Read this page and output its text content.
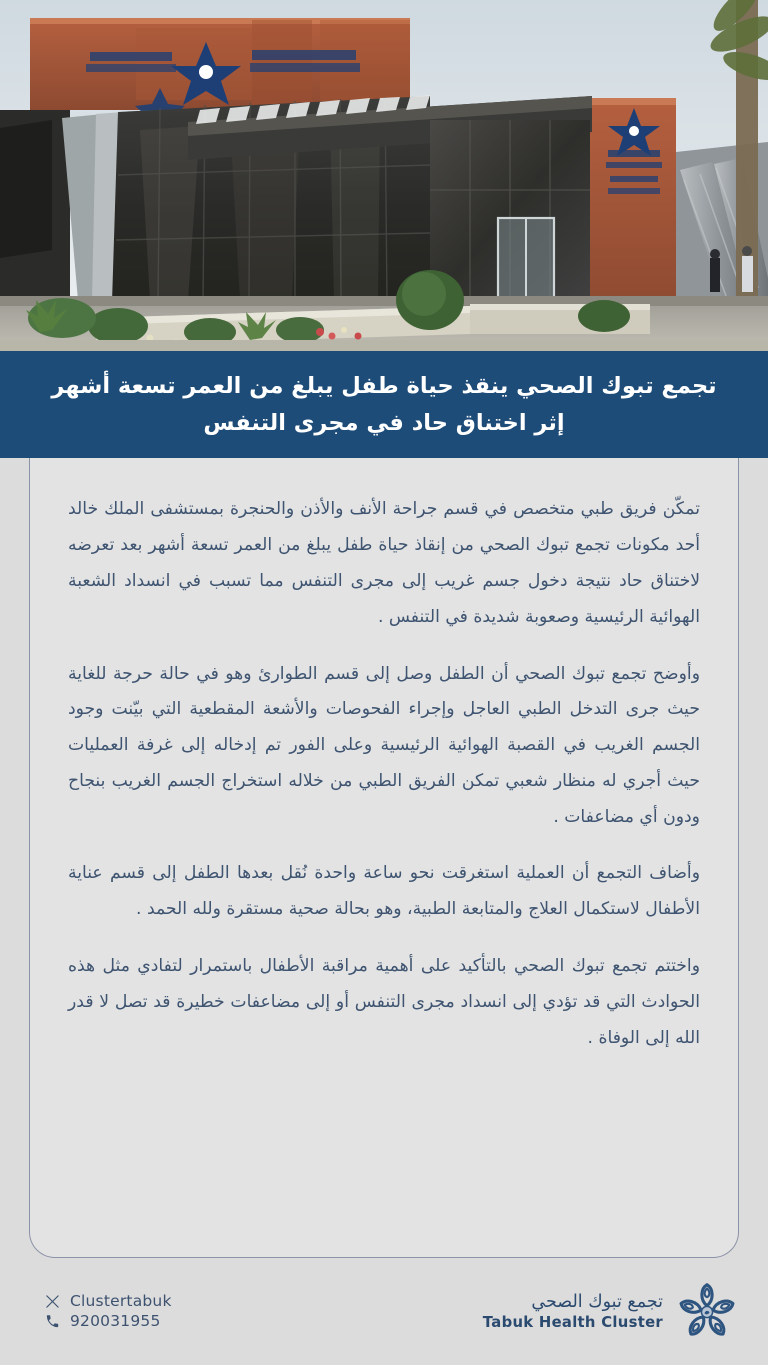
تجمع تبوك الصحي ينقذ حياة طفل يبلغ من العمر تسعة أشهر
إثر اختناق حاد في مجرى التنفس

تمكّن فريق طبي متخصص في قسم جراحة الأنف والأذن والحنجرة بمستشفى الملك خالد أحد مكونات تجمع تبوك الصحي من إنقاذ حياة طفل يبلغ من العمر تسعة أشهر بعد تعرضه لاختناق حاد نتيجة دخول جسم غريب إلى مجرى التنفس مما تسبب في انسداد الشعبة الهوائية الرئيسية وصعوبة شديدة في التنفس .

وأوضح تجمع تبوك الصحي أن الطفل وصل إلى قسم الطوارئ وهو في حالة حرجة للغاية حيث جرى التدخل الطبي العاجل وإجراء الفحوصات والأشعة المقطعية التي بيّنت وجود الجسم الغريب في القصبة الهوائية الرئيسية وعلى الفور تم إدخاله إلى غرفة العمليات حيث أجري له منظار شعبي تمكن الفريق الطبي من خلاله استخراج الجسم الغريب بنجاح ودون أي مضاعفات .

وأضاف التجمع أن العملية استغرقت نحو ساعة واحدة نُقل بعدها الطفل إلى قسم عناية الأطفال لاستكمال العلاج والمتابعة الطبية، وهو بحالة صحية مستقرة ولله الحمد .

واختتم تجمع تبوك الصحي بالتأكيد على أهمية مراقبة الأطفال باستمرار لتفادي مثل هذه الحوادث التي قد تؤدي إلى انسداد مجرى التنفس أو إلى مضاعفات خطيرة قد تصل لا قدر الله إلى الوفاة .

Clustertabuk
920031955
تجمع تبوك الصحي
Tabuk Health Cluster
